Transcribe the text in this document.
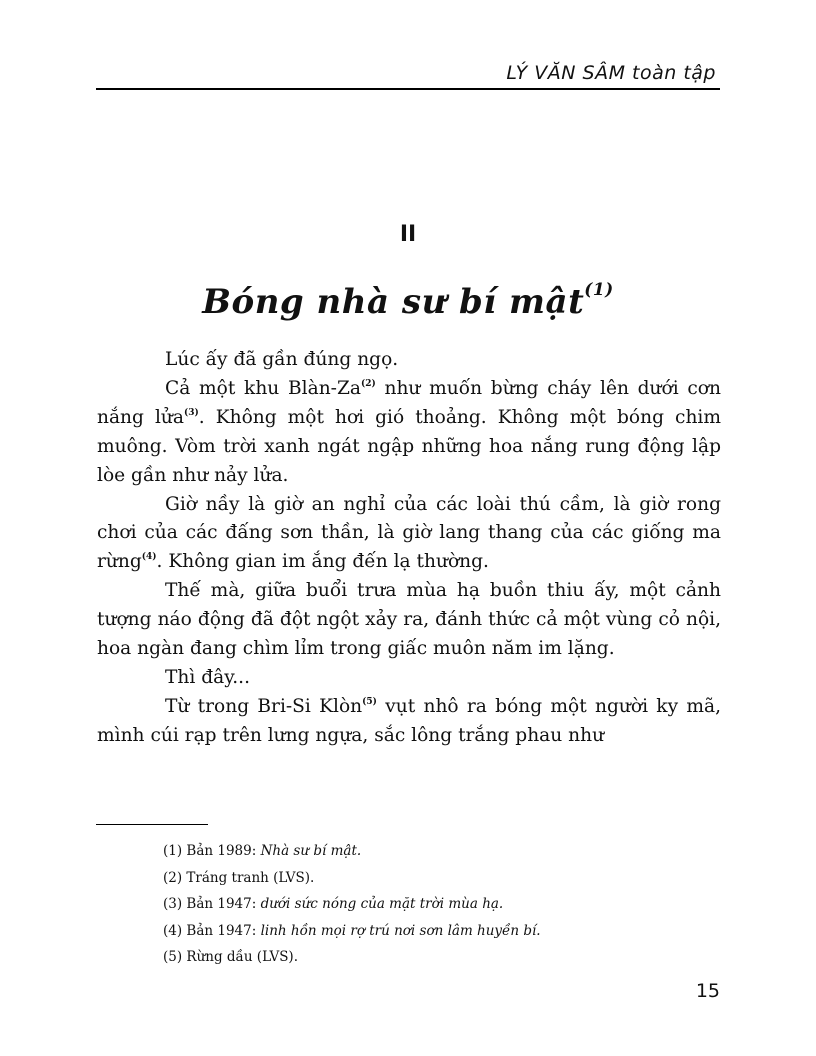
LÝ VĂN SÂM toàn tập
II
Bóng nhà sư bí mật$^{(1)}$

Lúc ấy đã gần đúng ngọ.

Cả một khu Blàn-Za$^{(2)}$ như muốn bừng cháy lên dưới cơn nắng lửa$^{(3)}$. Không một hơi gió thoảng. Không một bóng chim muông. Vòm trời xanh ngát ngập những hoa nắng rung động lập lòe gần như nảy lửa.

Giờ nầy là giờ an nghỉ của các loài thú cầm, là giờ rong chơi của các đấng sơn thần, là giờ lang thang của các giống ma rừng$^{(4)}$. Không gian im ắng đến lạ thường.

Thế mà, giữa buổi trưa mùa hạ buồn thiu ấy, một cảnh tượng náo động đã đột ngột xảy ra, đánh thức cả một vùng cỏ nội, hoa ngàn đang chìm lỉm trong giấc muôn năm im lặng.

Thì đây...

Từ trong Bri-Si Klòn$^{(5)}$ vụt nhô ra bóng một người ky mã, mình cúi rạp trên lưng ngựa, sắc lông trắng phau như

(1) Bản 1989: Nhà sư bí mật.
(2) Tráng tranh (LVS).
(3) Bản 1947: dưới sức nóng của mặt trời mùa hạ.
(4) Bản 1947: linh hồn mọi rợ trú nơi sơn lâm huyền bí.
(5) Rừng dầu (LVS).
15
